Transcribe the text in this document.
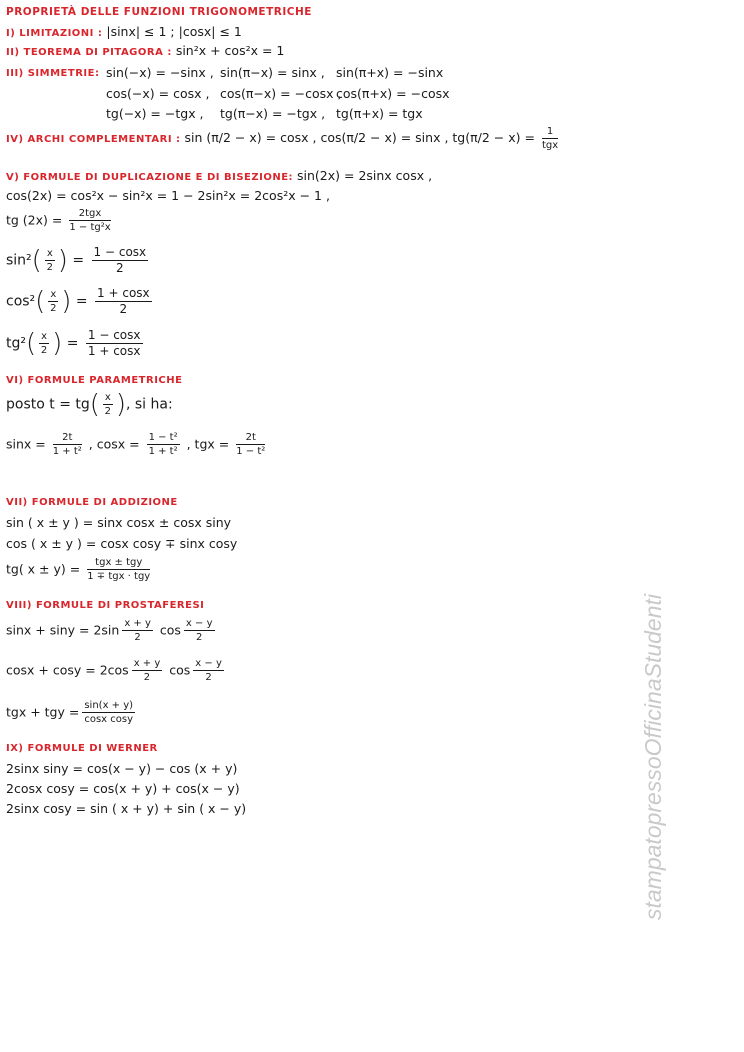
PROPRIETÀ DELLE FUNZIONI TRIGONOMETRICHE
I) LIMITAZIONI : |sinx| ≤ 1 ; |cosx| ≤ 1
II) TEOREMA DI PITAGORA : sin²x + cos²x = 1
III) SIMMETRIE: sin(−x) = −sinx , sin(π−x) = sinx , sin(π+x) = −sinx
cos(−x) = cosx , cos(π−x) = −cosx ,
cos(π+x) = −cosx
tg(−x) = −tgx , tg(π−x) = −tgx , tg(π+x) = tgx
IV) ARCHI COMPLEMENTARI : sin (π/2 − x) = cosx , cos(π/2 − x) = sinx , $tg(\pi/2 - x) = \frac{1}{\text{tgx}}$
V) FORMULE DI DUPLICAZIONE E DI BISEZIONE: sin(2x) = 2sinx cosx ,
cos(2x) = cos²x − sin²x = 1 − 2sin²x = 2cos²x − 1 ,
tg $(2x) = \frac{\text{2tgx}}{\text{1 − tg²x}}$
$\sin^2( \frac{x}{2}$ ) = $\frac{1 - \cos x}{2}$
$\cos^2( \frac{x}{2}$ ) = $\frac{1 + \cos x}{2}$
$tg^2( \frac{x}{2}$ ) = $\frac{1 - \cos x}{1 + \cos x}$
VI) FORMULE PARAMETRICHE
posto $t = tg( \frac{x}{2}$ ), si ha:
$\sin x = \frac{2t}{\text{1 + t²}}$ , $\cos x = \frac{\text{1 − t²}}{\text{1 + t²}}$ , tgx = $\frac{2t}{\text{1 − t²}}$
VII) FORMULE DI ADDIZIONE
sin ( x ± y ) = sinx cosx ± cosx siny
cos ( x ± y ) = cosx cosy ∓ sinx cosy
tg( $x \pm y) = \frac{\text{tgx ± tgy}}{\text{1 ∓ tgx · tgy}}$
VIII) FORMULE DI PROSTAFERESI
$\sin x + \sin y = 2\sin \frac{x + y}{2}$ $\cos \frac{x - y}{2}$
$\cos x + \cos y = 2\cos \frac{x + y}{2}$ $\cos \frac{x - y}{2}$
tgx + tgy = $\frac{\sin(x + y)}{\text{cosx cosy}}$
IX) FORMULE DI WERNER
2sinx siny = cos(x − y) − cos (x + y)
2cosx cosy = cos(x + y) + cos(x − y)
2sinx cosy = sin ( x + y) + sin ( x − y)	stampatopressoOfficinaStudenti
